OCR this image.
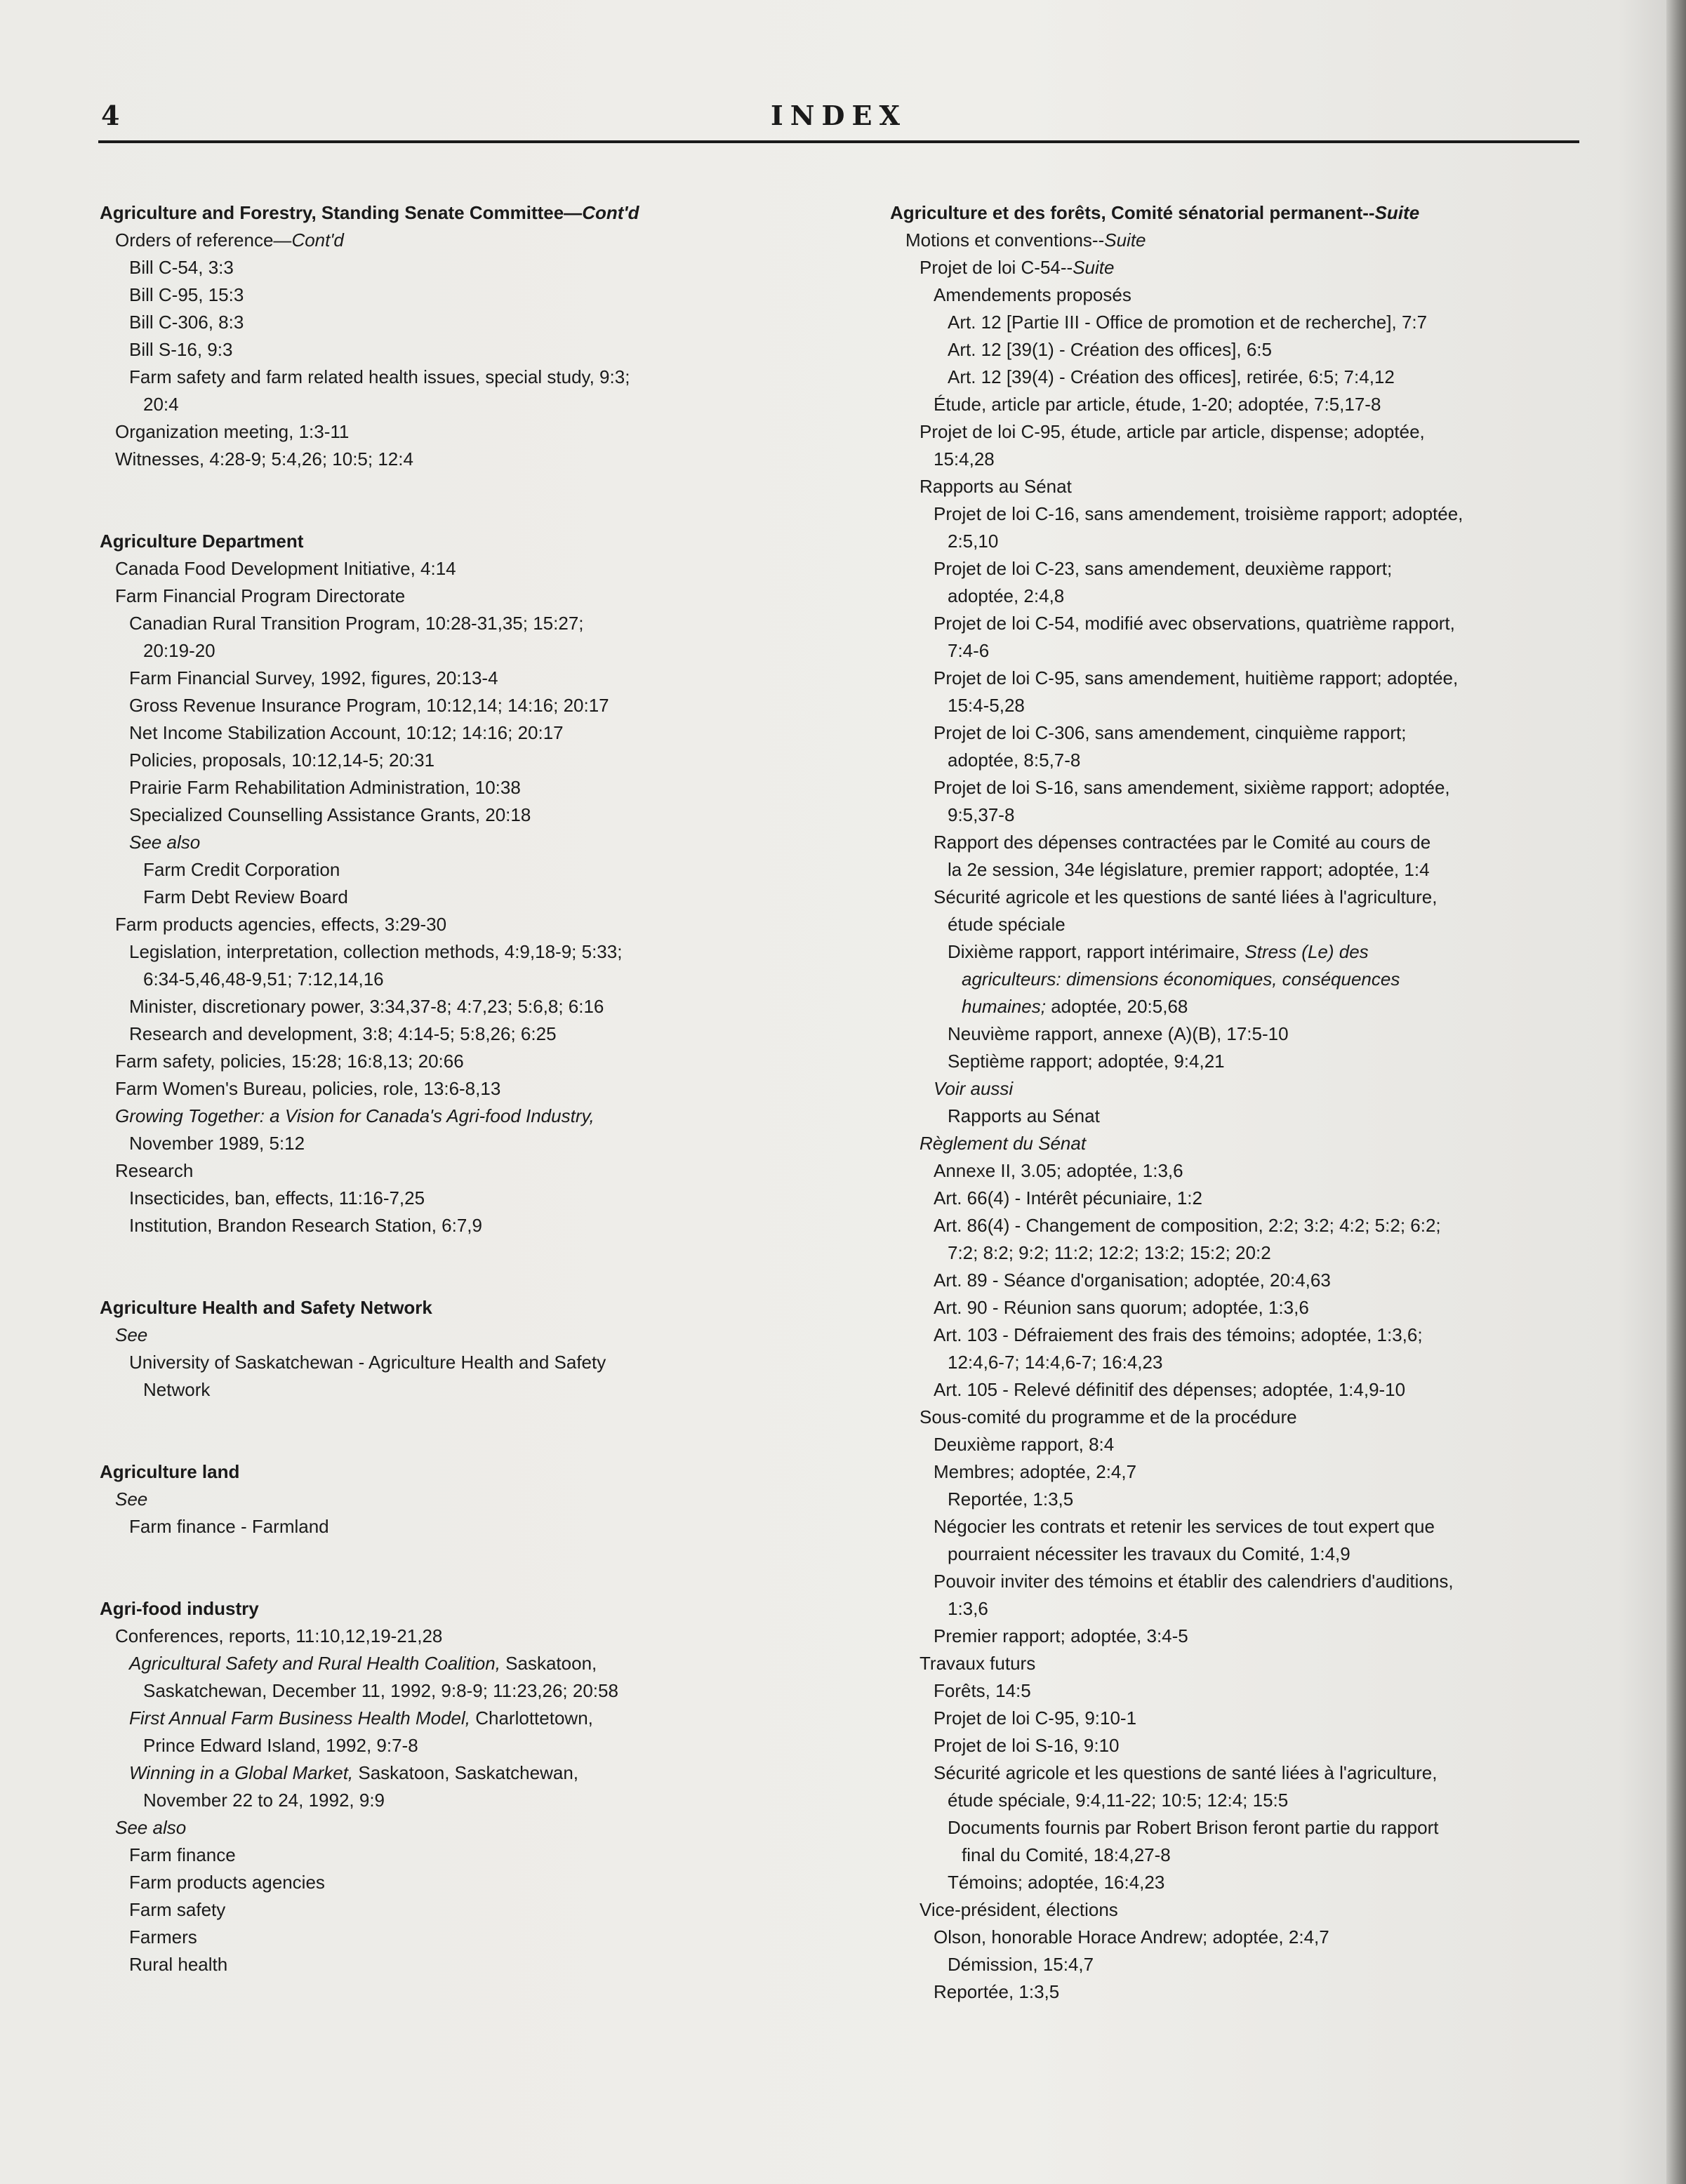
4	INDEX
Agriculture and Forestry, Standing Senate Committee—Cont'd
Orders of reference—Cont'd
Bill C-54, 3:3
Bill C-95, 15:3
Bill C-306, 8:3
Bill S-16, 9:3
Farm safety and farm related health issues, special study, 9:3;
20:4
Organization meeting, 1:3-11
Witnesses, 4:28-9; 5:4,26; 10:5; 12:4
Agriculture Department
Canada Food Development Initiative, 4:14
Farm Financial Program Directorate
Canadian Rural Transition Program, 10:28-31,35; 15:27;
20:19-20
Farm Financial Survey, 1992, figures, 20:13-4
Gross Revenue Insurance Program, 10:12,14; 14:16; 20:17
Net Income Stabilization Account, 10:12; 14:16; 20:17
Policies, proposals, 10:12,14-5; 20:31
Prairie Farm Rehabilitation Administration, 10:38
Specialized Counselling Assistance Grants, 20:18
See also
Farm Credit Corporation
Farm Debt Review Board
Farm products agencies, effects, 3:29-30
Legislation, interpretation, collection methods, 4:9,18-9; 5:33;
6:34-5,46,48-9,51; 7:12,14,16
Minister, discretionary power, 3:34,37-8; 4:7,23; 5:6,8; 6:16
Research and development, 3:8; 4:14-5; 5:8,26; 6:25
Farm safety, policies, 15:28; 16:8,13; 20:66
Farm Women's Bureau, policies, role, 13:6-8,13
Growing Together: a Vision for Canada's Agri-food Industry,
November 1989, 5:12
Research
Insecticides, ban, effects, 11:16-7,25
Institution, Brandon Research Station, 6:7,9
Agriculture Health and Safety Network
See
University of Saskatchewan - Agriculture Health and Safety
Network
Agriculture land
See
Farm finance - Farmland
Agri-food industry
Conferences, reports, 11:10,12,19-21,28
Agricultural Safety and Rural Health Coalition, Saskatoon,
Saskatchewan, December 11, 1992, 9:8-9; 11:23,26; 20:58
First Annual Farm Business Health Model, Charlottetown,
Prince Edward Island, 1992, 9:7-8
Winning in a Global Market, Saskatoon, Saskatchewan,
November 22 to 24, 1992, 9:9
See also
Farm finance
Farm products agencies
Farm safety
Farmers
Rural health
Agriculture et des forêts, Comité sénatorial permanent--Suite
Motions et conventions--Suite
Projet de loi C-54--Suite
Amendements proposés
Art. 12 [Partie III - Office de promotion et de recherche], 7:7
Art. 12 [39(1) - Création des offices], 6:5
Art. 12 [39(4) - Création des offices], retirée, 6:5; 7:4,12
Étude, article par article, étude, 1-20; adoptée, 7:5,17-8
Projet de loi C-95, étude, article par article, dispense; adoptée,
15:4,28
Rapports au Sénat
Projet de loi C-16, sans amendement, troisième rapport; adoptée,
2:5,10
Projet de loi C-23, sans amendement, deuxième rapport;
adoptée, 2:4,8
Projet de loi C-54, modifié avec observations, quatrième rapport,
7:4-6
Projet de loi C-95, sans amendement, huitième rapport; adoptée,
15:4-5,28
Projet de loi C-306, sans amendement, cinquième rapport;
adoptée, 8:5,7-8
Projet de loi S-16, sans amendement, sixième rapport; adoptée,
9:5,37-8
Rapport des dépenses contractées par le Comité au cours de
la 2e session, 34e législature, premier rapport; adoptée, 1:4
Sécurité agricole et les questions de santé liées à l'agriculture,
étude spéciale
Dixième rapport, rapport intérimaire, Stress (Le) des
agriculteurs: dimensions économiques, conséquences
humaines; adoptée, 20:5,68
Neuvième rapport, annexe (A)(B), 17:5-10
Septième rapport; adoptée, 9:4,21
Voir aussi
Rapports au Sénat
Règlement du Sénat
Annexe II, 3.05; adoptée, 1:3,6
Art. 66(4) - Intérêt pécuniaire, 1:2
Art. 86(4) - Changement de composition, 2:2; 3:2; 4:2; 5:2; 6:2;
7:2; 8:2; 9:2; 11:2; 12:2; 13:2; 15:2; 20:2
Art. 89 - Séance d'organisation; adoptée, 20:4,63
Art. 90 - Réunion sans quorum; adoptée, 1:3,6
Art. 103 - Défraiement des frais des témoins; adoptée, 1:3,6;
12:4,6-7; 14:4,6-7; 16:4,23
Art. 105 - Relevé définitif des dépenses; adoptée, 1:4,9-10
Sous-comité du programme et de la procédure
Deuxième rapport, 8:4
Membres; adoptée, 2:4,7
Reportée, 1:3,5
Négocier les contrats et retenir les services de tout expert que
pourraient nécessiter les travaux du Comité, 1:4,9
Pouvoir inviter des témoins et établir des calendriers d'auditions,
1:3,6
Premier rapport; adoptée, 3:4-5
Travaux futurs
Forêts, 14:5
Projet de loi C-95, 9:10-1
Projet de loi S-16, 9:10
Sécurité agricole et les questions de santé liées à l'agriculture,
étude spéciale, 9:4,11-22; 10:5; 12:4; 15:5
Documents fournis par Robert Brison feront partie du rapport
final du Comité, 18:4,27-8
Témoins; adoptée, 16:4,23
Vice-président, élections
Olson, honorable Horace Andrew; adoptée, 2:4,7
Démission, 15:4,7
Reportée, 1:3,5
